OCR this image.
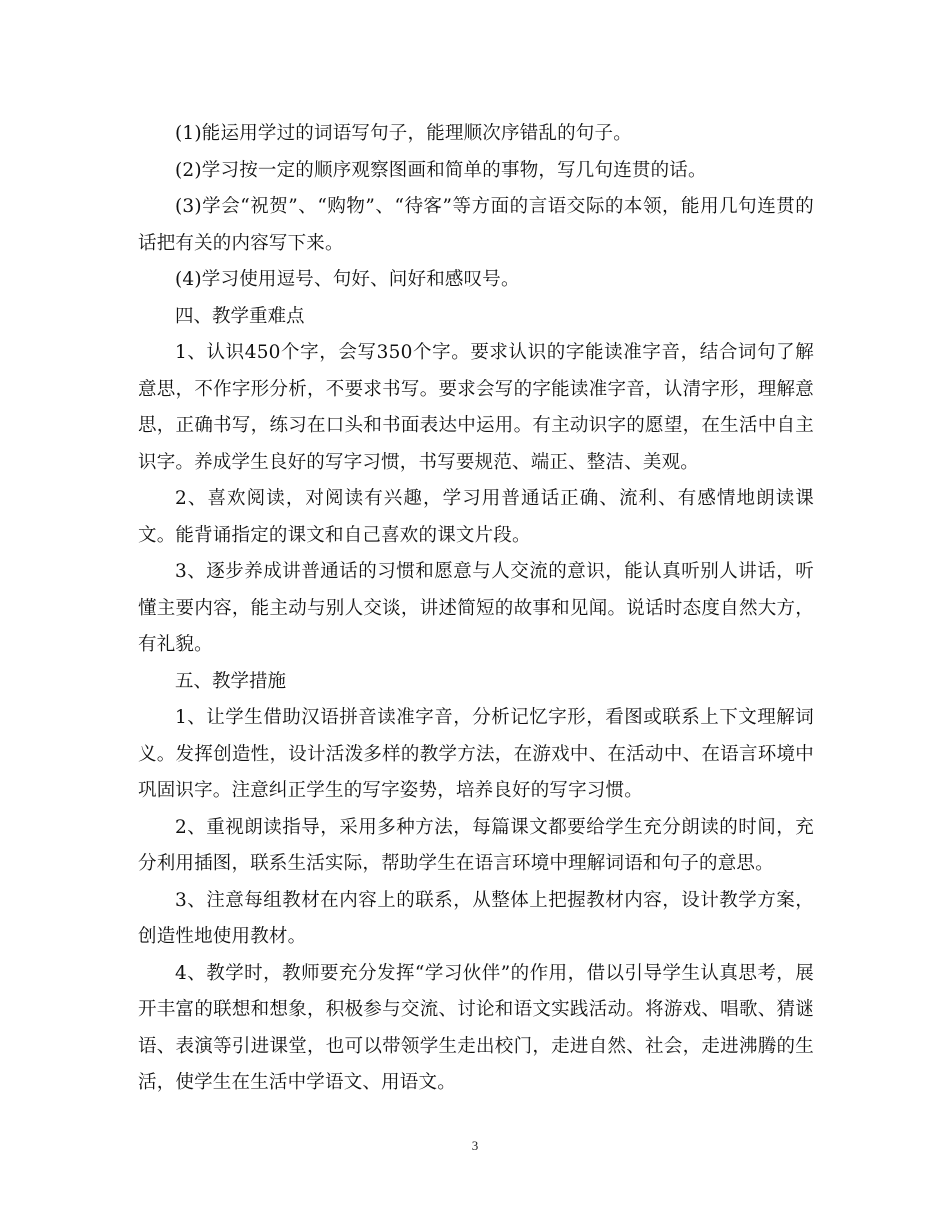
(1)能运用学过的词语写句子，能理顺次序错乱的句子。

(2)学习按一定的顺序观察图画和简单的事物，写几句连贯的话。

(3)学会“祝贺”、“购物”、“待客”等方面的言语交际的本领，能用几句连贯的话把有关的内容写下来。

(4)学习使用逗号、句好、问好和感叹号。

四、教学重难点

1、认识450个字，会写350个字。要求认识的字能读准字音，结合词句了解意思，不作字形分析，不要求书写。要求会写的字能读准字音，认清字形，理解意思，正确书写，练习在口头和书面表达中运用。有主动识字的愿望，在生活中自主识字。养成学生良好的写字习惯，书写要规范、端正、整洁、美观。

2、喜欢阅读，对阅读有兴趣，学习用普通话正确、流利、有感情地朗读课文。能背诵指定的课文和自己喜欢的课文片段。

3、逐步养成讲普通话的习惯和愿意与人交流的意识，能认真听别人讲话，听懂主要内容，能主动与别人交谈，讲述简短的故事和见闻。说话时态度自然大方，有礼貌。

五、教学措施

1、让学生借助汉语拼音读准字音，分析记忆字形，看图或联系上下文理解词义。发挥创造性，设计活泼多样的教学方法，在游戏中、在活动中、在语言环境中巩固识字。注意纠正学生的写字姿势，培养良好的写字习惯。

2、重视朗读指导，采用多种方法，每篇课文都要给学生充分朗读的时间，充分利用插图，联系生活实际，帮助学生在语言环境中理解词语和句子的意思。

3、注意每组教材在内容上的联系，从整体上把握教材内容，设计教学方案，创造性地使用教材。

4、教学时，教师要充分发挥“学习伙伴”的作用，借以引导学生认真思考，展开丰富的联想和想象，积极参与交流、讨论和语文实践活动。将游戏、唱歌、猜谜语、表演等引进课堂，也可以带领学生走出校门，走进自然、社会，走进沸腾的生活，使学生在生活中学语文、用语文。

3
